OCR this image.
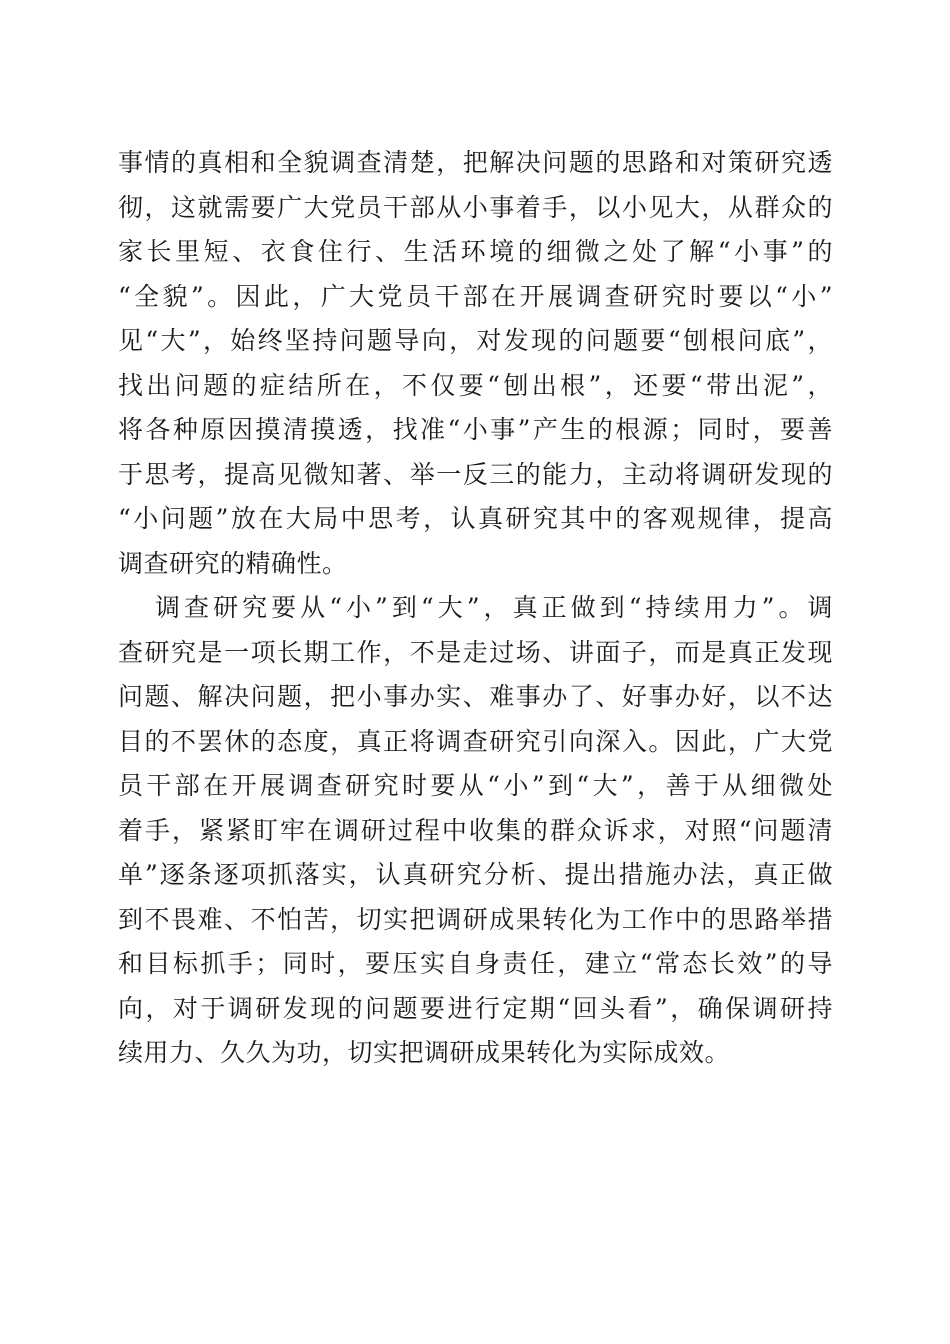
事情的真相和全貌调查清楚，把解决问题的思路和对策研究透
彻，这就需要广大党员干部从小事着手，以小见大，从群众的
家长里短、衣食住行、生活环境的细微之处了解“小事”的
“全貌”。因此，广大党员干部在开展调查研究时要以“小”
见“大”，始终坚持问题导向，对发现的问题要“刨根问底”，
找出问题的症结所在，不仅要“刨出根”，还要“带出泥”，
将各种原因摸清摸透，找准“小事”产生的根源；同时，要善
于思考，提高见微知著、举一反三的能力，主动将调研发现的
“小问题”放在大局中思考，认真研究其中的客观规律，提高
调查研究的精确性。
调查研究要从“小”到“大”，真正做到“持续用力”。调
查研究是一项长期工作，不是走过场、讲面子，而是真正发现
问题、解决问题，把小事办实、难事办了、好事办好，以不达
目的不罢休的态度，真正将调查研究引向深入。因此，广大党
员干部在开展调查研究时要从“小”到“大”，善于从细微处
着手，紧紧盯牢在调研过程中收集的群众诉求，对照“问题清
单”逐条逐项抓落实，认真研究分析、提出措施办法，真正做
到不畏难、不怕苦，切实把调研成果转化为工作中的思路举措
和目标抓手；同时，要压实自身责任，建立“常态长效”的导
向，对于调研发现的问题要进行定期“回头看”，确保调研持
续用力、久久为功，切实把调研成果转化为实际成效。
